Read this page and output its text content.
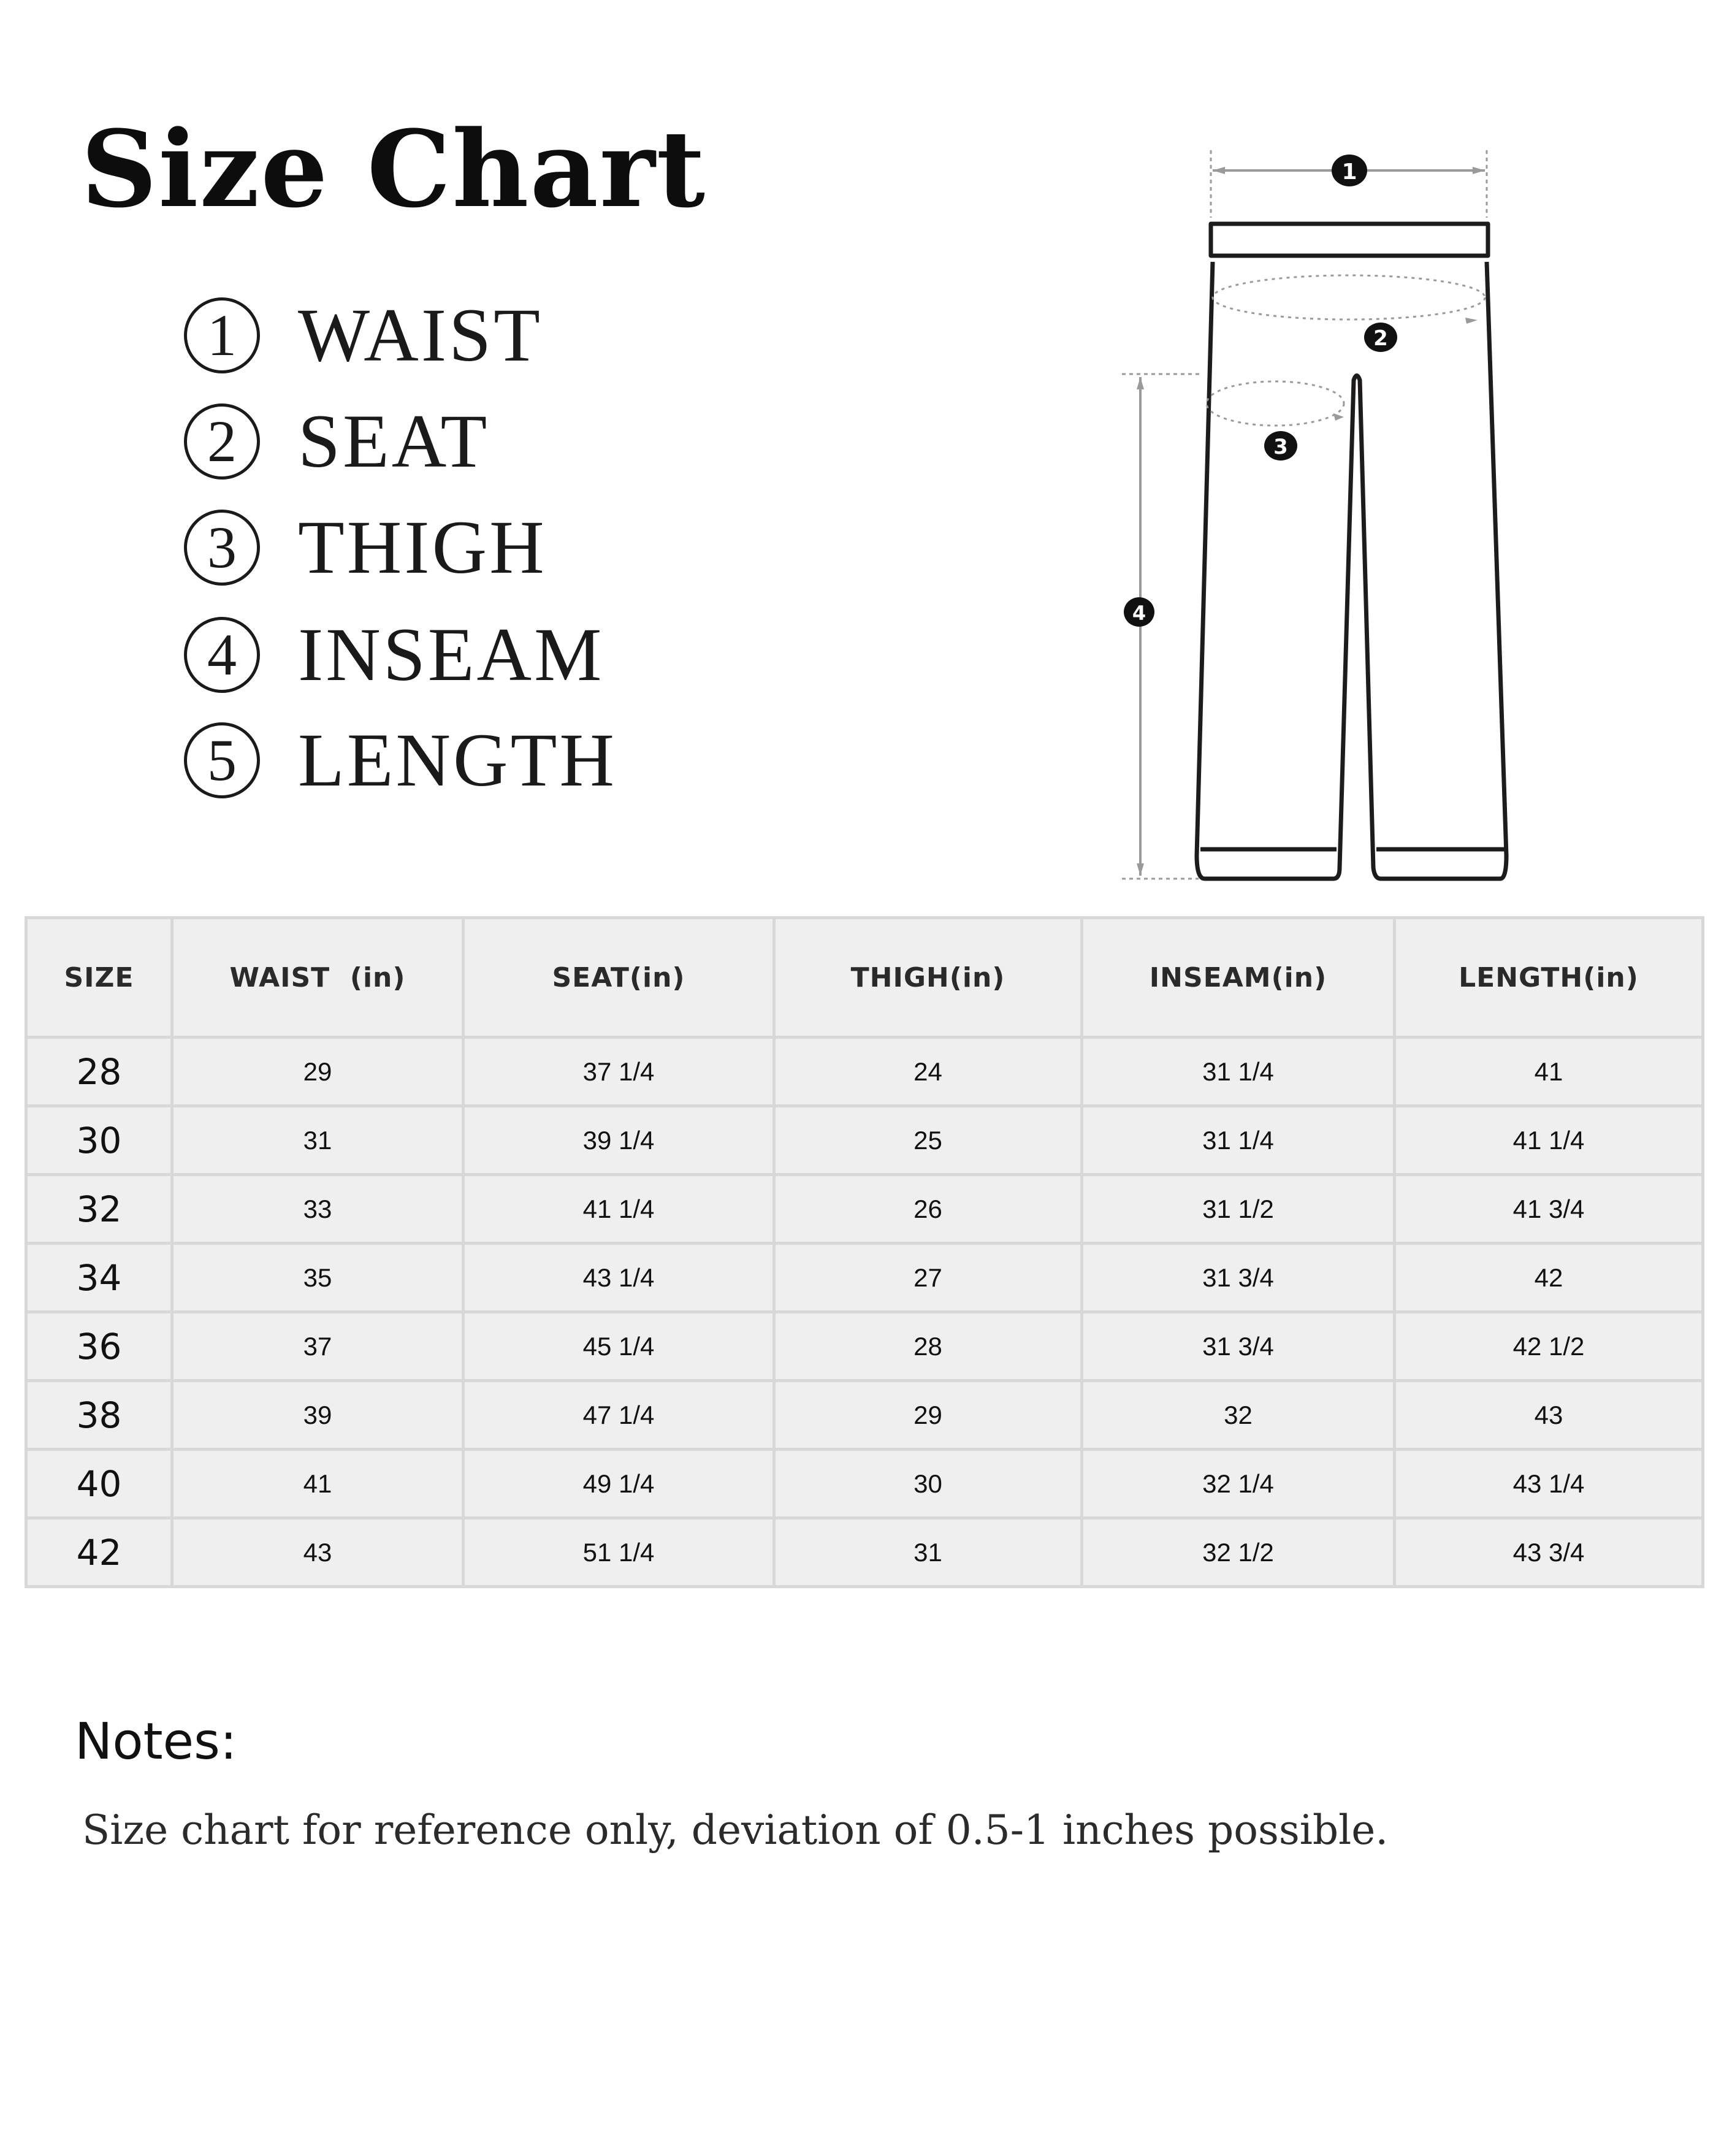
Size Chart
1 WAIST
2 SEAT
3 THIGH
4 INSEAM
5 LENGTH
1
2
3
4
SIZE	WAIST  (in)	SEAT(in)	THIGH(in)	INSEAM(in)	LENGTH(in)
28	29	37 1/4	24	31 1/4	41
30	31	39 1/4	25	31 1/4	41 1/4
32	33	41 1/4	26	31 1/2	41 3/4
34	35	43 1/4	27	31 3/4	42
36	37	45 1/4	28	31 3/4	42 1/2
38	39	47 1/4	29	32	43
40	41	49 1/4	30	32 1/4	43 1/4
42	43	51 1/4	31	32 1/2	43 3/4
Notes:
Size chart for reference only, deviation of 0.5-1 inches possible.
